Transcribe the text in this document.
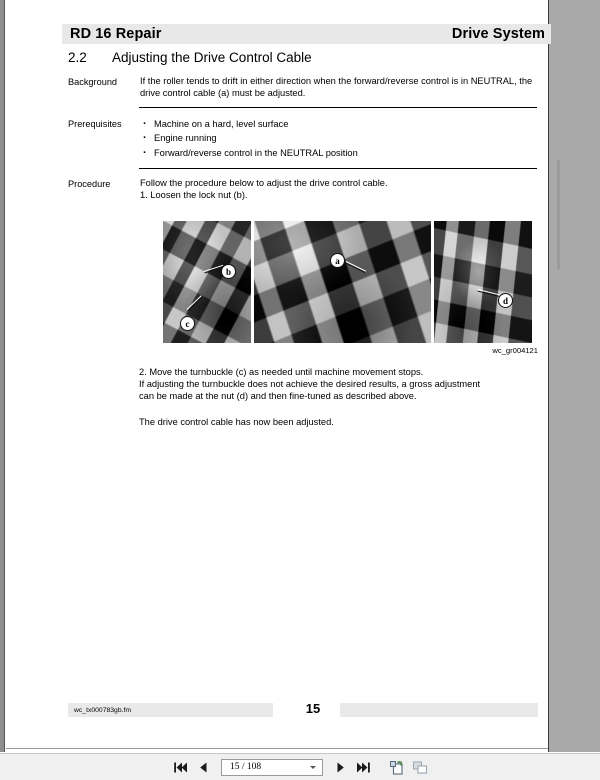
RD 16 Repair	Drive System
2.2	Adjusting the Drive Control Cable
Background	If the roller tends to drift in either direction when the forward/reverse control is in NEUTRAL, the drive control cable (a) must be adjusted.

Prerequisites	. Machine on a hard, level surface
. Engine running
. Forward/reverse control in the NEUTRAL position
Procedure	Follow the procedure below to adjust the drive control cable.

1. Loosen the lock nut (b).

b
c
a
d
wc_gr004121

2. Move the turnbuckle (c) as needed until machine movement stops.

If adjusting the turnbuckle does not achieve the desired results, a gross adjustment

can be made at the nut (d) and then fine-tuned as described above.

The drive control cable has now been adjusted.

wc_tx000783gb.fm	15
15 / 108
